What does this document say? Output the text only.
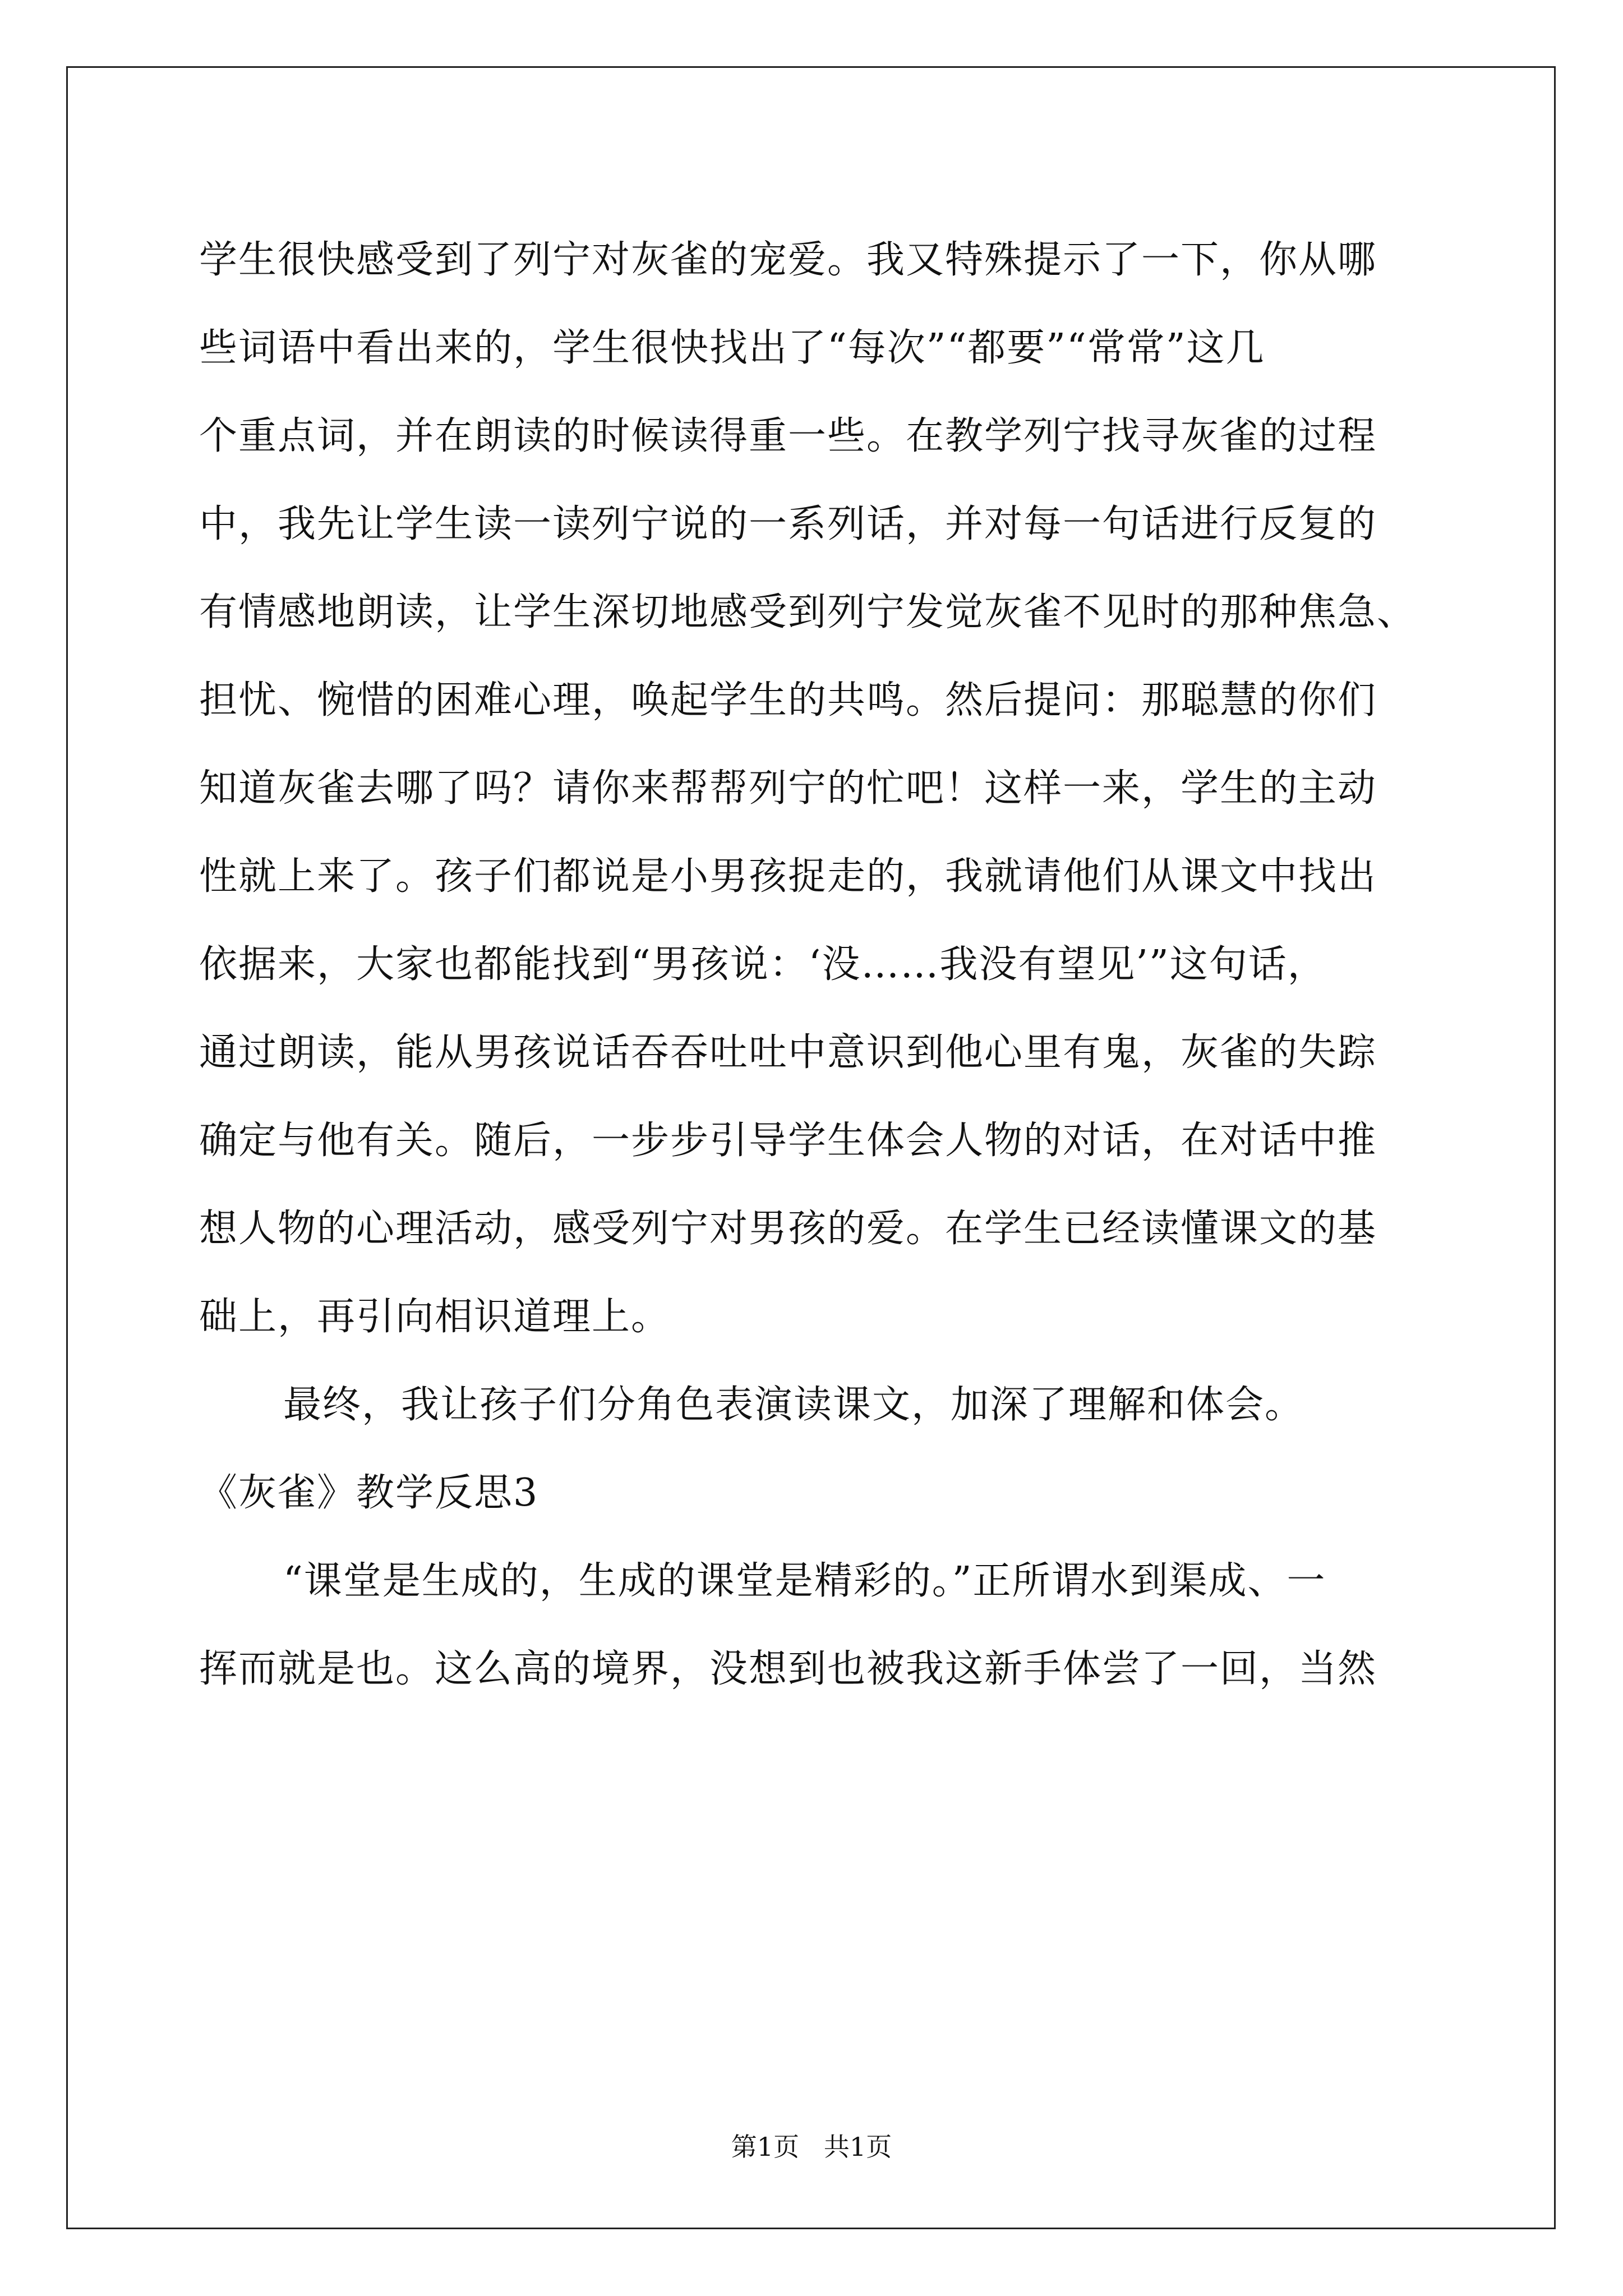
学生很快感受到了列宁对灰雀的宠爱。我又特殊提示了一下，你从哪
些词语中看出来的，学生很快找出了“每次”“都要”“常常”这几
个重点词，并在朗读的时候读得重一些。在教学列宁找寻灰雀的过程
中，我先让学生读一读列宁说的一系列话，并对每一句话进行反复的
有情感地朗读，让学生深切地感受到列宁发觉灰雀不见时的那种焦急、
担忧、惋惜的困难心理，唤起学生的共鸣。然后提问：那聪慧的你们
知道灰雀去哪了吗？请你来帮帮列宁的忙吧！这样一来，学生的主动
性就上来了。孩子们都说是小男孩捉走的，我就请他们从课文中找出
依据来，大家也都能找到“男孩说：‘没……我没有望见’”这句话，
通过朗读，能从男孩说话吞吞吐吐中意识到他心里有鬼，灰雀的失踪
确定与他有关。随后，一步步引导学生体会人物的对话，在对话中推
想人物的心理活动，感受列宁对男孩的爱。在学生已经读懂课文的基
础上，再引向相识道理上。
最终，我让孩子们分角色表演读课文，加深了理解和体会。
《灰雀》教学反思3
“课堂是生成的，生成的课堂是精彩的。”正所谓水到渠成、一
挥而就是也。这么高的境界，没想到也被我这新手体尝了一回，当然
第1页   共1页
